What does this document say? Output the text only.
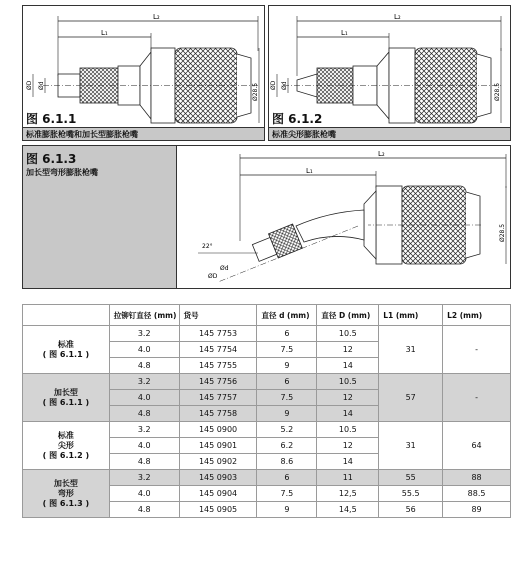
L₂
L₁
ØD Ød	Ø28.5
图 6.1.1
标准膨胀枪嘴和加长型膨胀枪嘴
L₂
L₁
ØD Ød	Ø28.5
图 6.1.2
标准尖形膨胀枪嘴
图 6.1.3
加长型弯形膨胀枪嘴
L₂
L₁
22°
ØD
Ød
Ø28.5
	拉铆钉直径 (mm)	货号	直径 d (mm)	直径 D (mm)	L1 (mm)	L2 (mm)
标准
( 图 6.1.1 )	3.2	145 7753	6	10.5	31	-
	4.0	145 7754	7.5	12		
	4.8	145 7755	9	14		
加长型
( 图 6.1.1 )	3.2	145 7756	6	10.5	57	-
	4.0	145 7757	7.5	12		
	4.8	145 7758	9	14		
标准
尖形
( 图 6.1.2 )	3.2	145 0900	5.2	10.5	31	64
	4.0	145 0901	6.2	12		
	4.8	145 0902	8.6	14		
加长型
弯形
( 图 6.1.3 )	3.2	145 0903	6	11	55	88
	4.0	145 0904	7.5	12,5	55.5	88.5
	4.8	145 0905	9	14,5	56	89
